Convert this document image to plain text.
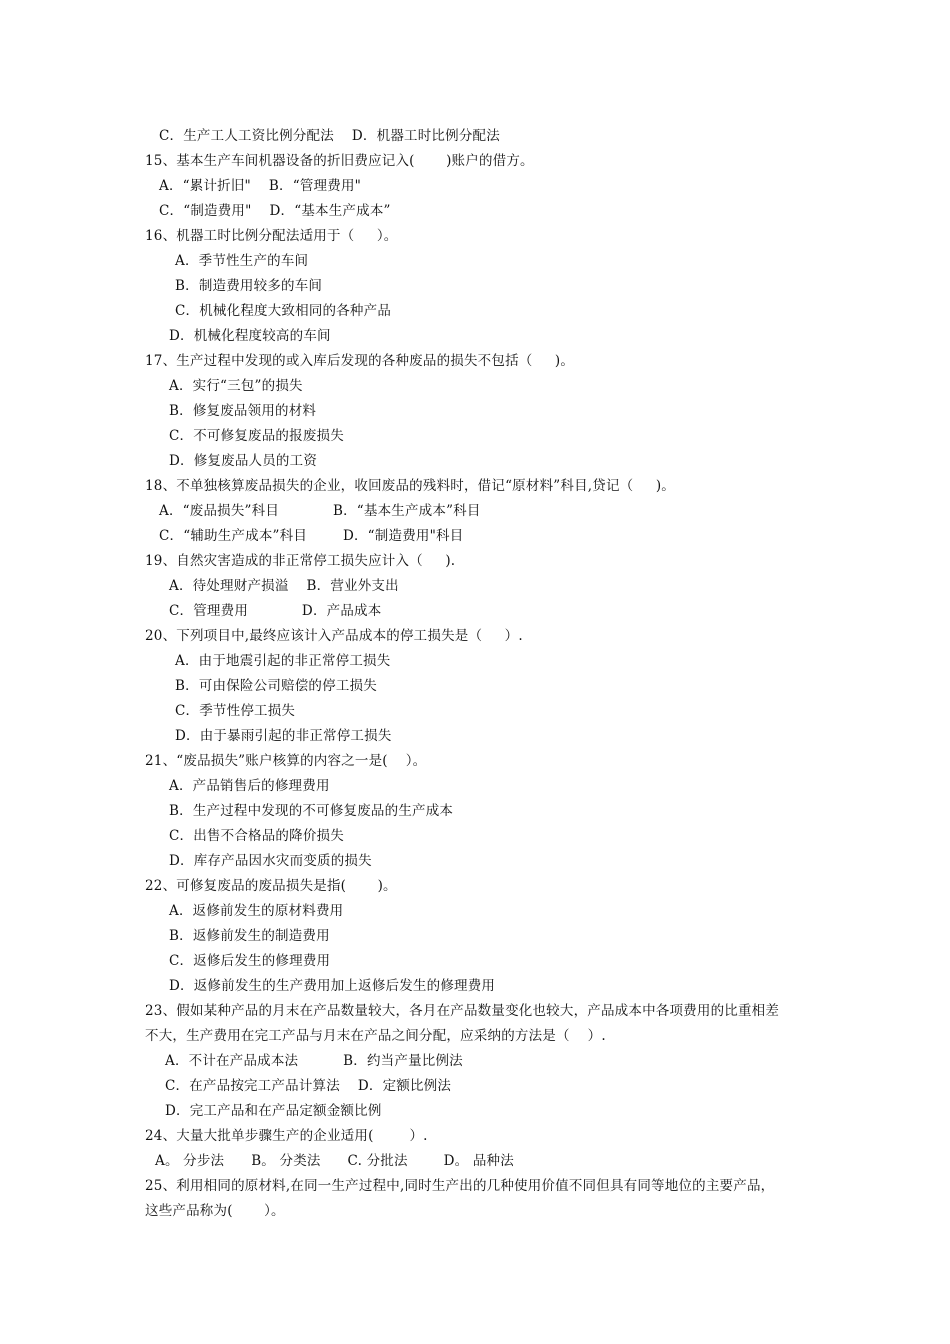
C．生产工人工资比例分配法    D．机器工时比例分配法
15、基本生产车间机器设备的折旧费应记入(       )账户的借方。
A．“累计折旧"    B．“管理费用"
C．“制造费用"    D．“基本生产成本”
16、机器工时比例分配法适用于（     ）。
A．季节性生产的车间
B．制造费用较多的车间
C．机械化程度大致相同的各种产品
D．机械化程度较高的车间
17、生产过程中发现的或入库后发现的各种废品的损失不包括（     )。
A．实行“三包”的损失
B．修复废品领用的材料
C．不可修复废品的报废损失
D．修复废品人员的工资
18、不单独核算废品损失的企业，收回废品的残料时，借记“原材料”科目,贷记（     )。
A．“废品损失”科目            B．“基本生产成本”科目
C．“辅助生产成本”科目        D．“制造费用"科目
19、自然灾害造成的非正常停工损失应计入（     ).
A．待处理财产损溢    B．营业外支出
C．管理费用            D．产品成本
20、下列项目中,最终应该计入产品成本的停工损失是（     ）.
A．由于地震引起的非正常停工损失
B．可由保险公司赔偿的停工损失
C．季节性停工损失
D．由于暴雨引起的非正常停工损失
21、“废品损失”账户核算的内容之一是(    ）。
A．产品销售后的修理费用
B．生产过程中发现的不可修复废品的生产成本
C．出售不合格品的降价损失
D．库存产品因水灾而变质的损失
22、可修复废品的废品损失是指(       )。
A．返修前发生的原材料费用
B．返修前发生的制造费用
C．返修后发生的修理费用
D．返修前发生的生产费用加上返修后发生的修理费用
23、假如某种产品的月末在产品数量较大，各月在产品数量变化也较大，产品成本中各项费用的比重相差
不大，生产费用在完工产品与月末在产品之间分配，应采纳的方法是（    ）.
A．不计在产品成本法          B．约当产量比例法
C．在产品按完工产品计算法    D．定额比例法
D．完工产品和在产品定额金额比例
24、大量大批单步骤生产的企业适用(        ）.
A。 分步法      B。 分类法      C. 分批法        D。 品种法
25、利用相同的原材料,在同一生产过程中,同时生产出的几种使用价值不同但具有同等地位的主要产品，
这些产品称为(       ）。
